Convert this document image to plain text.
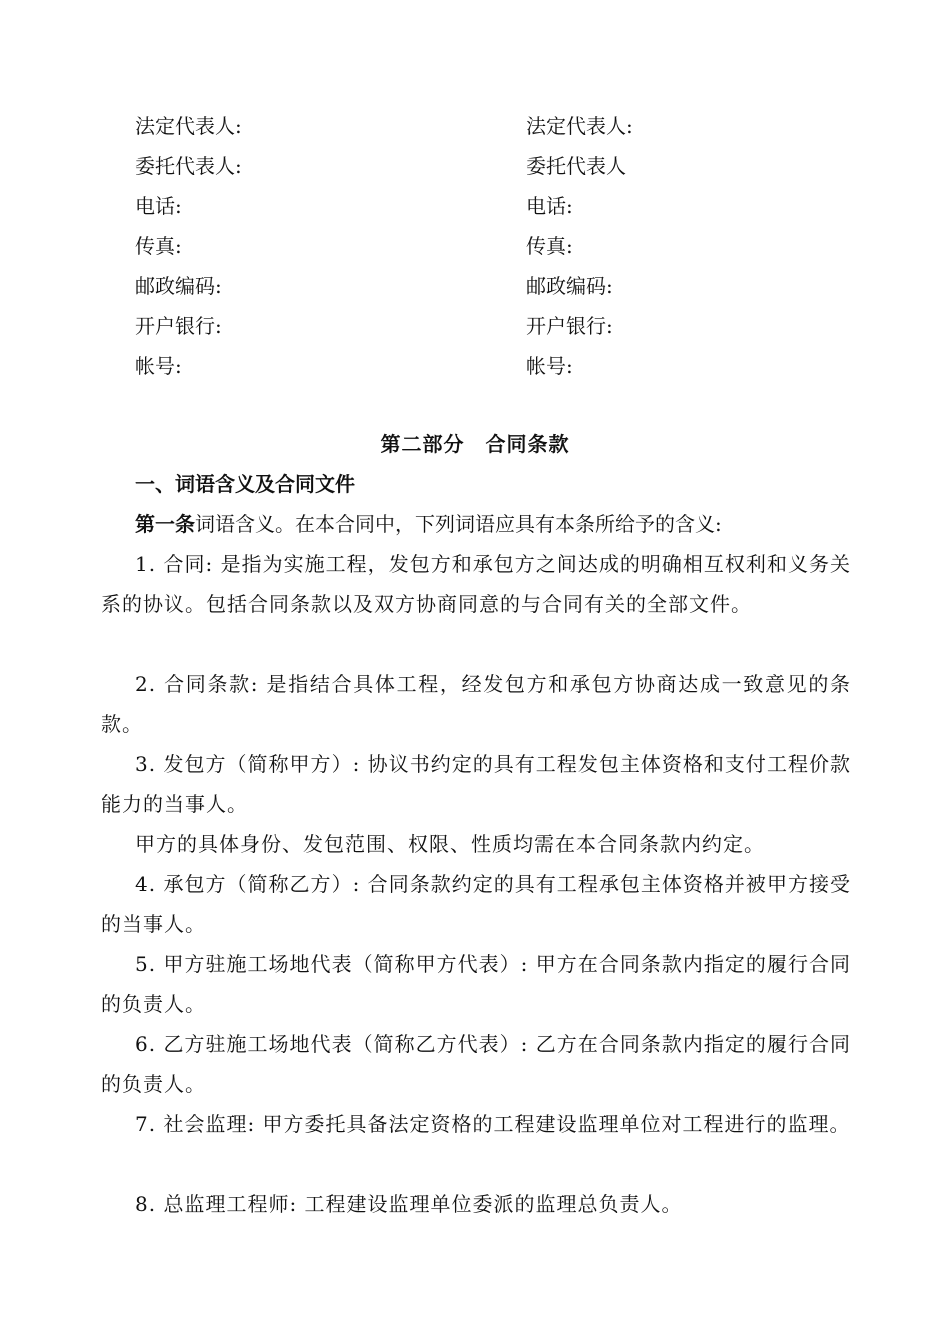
法定代表人:	法定代表人:
委托代表人:	委托代表人
电话:	电话:
传真:	传真:
邮政编码:	邮政编码:
开户银行:	开户银行:
帐号:	帐号:
第二部分　合同条款
一、词语含义及合同文件
第一条词语含义。在本合同中，下列词语应具有本条所给予的含义:
1. 合同: 是指为实施工程，发包方和承包方之间达成的明确相互权利和义务关系的协议。包括合同条款以及双方协商同意的与合同有关的全部文件。
2. 合同条款: 是指结合具体工程，经发包方和承包方协商达成一致意见的条款。
3. 发包方（简称甲方）: 协议书约定的具有工程发包主体资格和支付工程价款能力的当事人。
甲方的具体身份、发包范围、权限、性质均需在本合同条款内约定。
4. 承包方（简称乙方）: 合同条款约定的具有工程承包主体资格并被甲方接受的当事人。
5. 甲方驻施工场地代表（简称甲方代表）: 甲方在合同条款内指定的履行合同的负责人。
6. 乙方驻施工场地代表（简称乙方代表）: 乙方在合同条款内指定的履行合同的负责人。
7. 社会监理: 甲方委托具备法定资格的工程建设监理单位对工程进行的监理。
8. 总监理工程师: 工程建设监理单位委派的监理总负责人。
